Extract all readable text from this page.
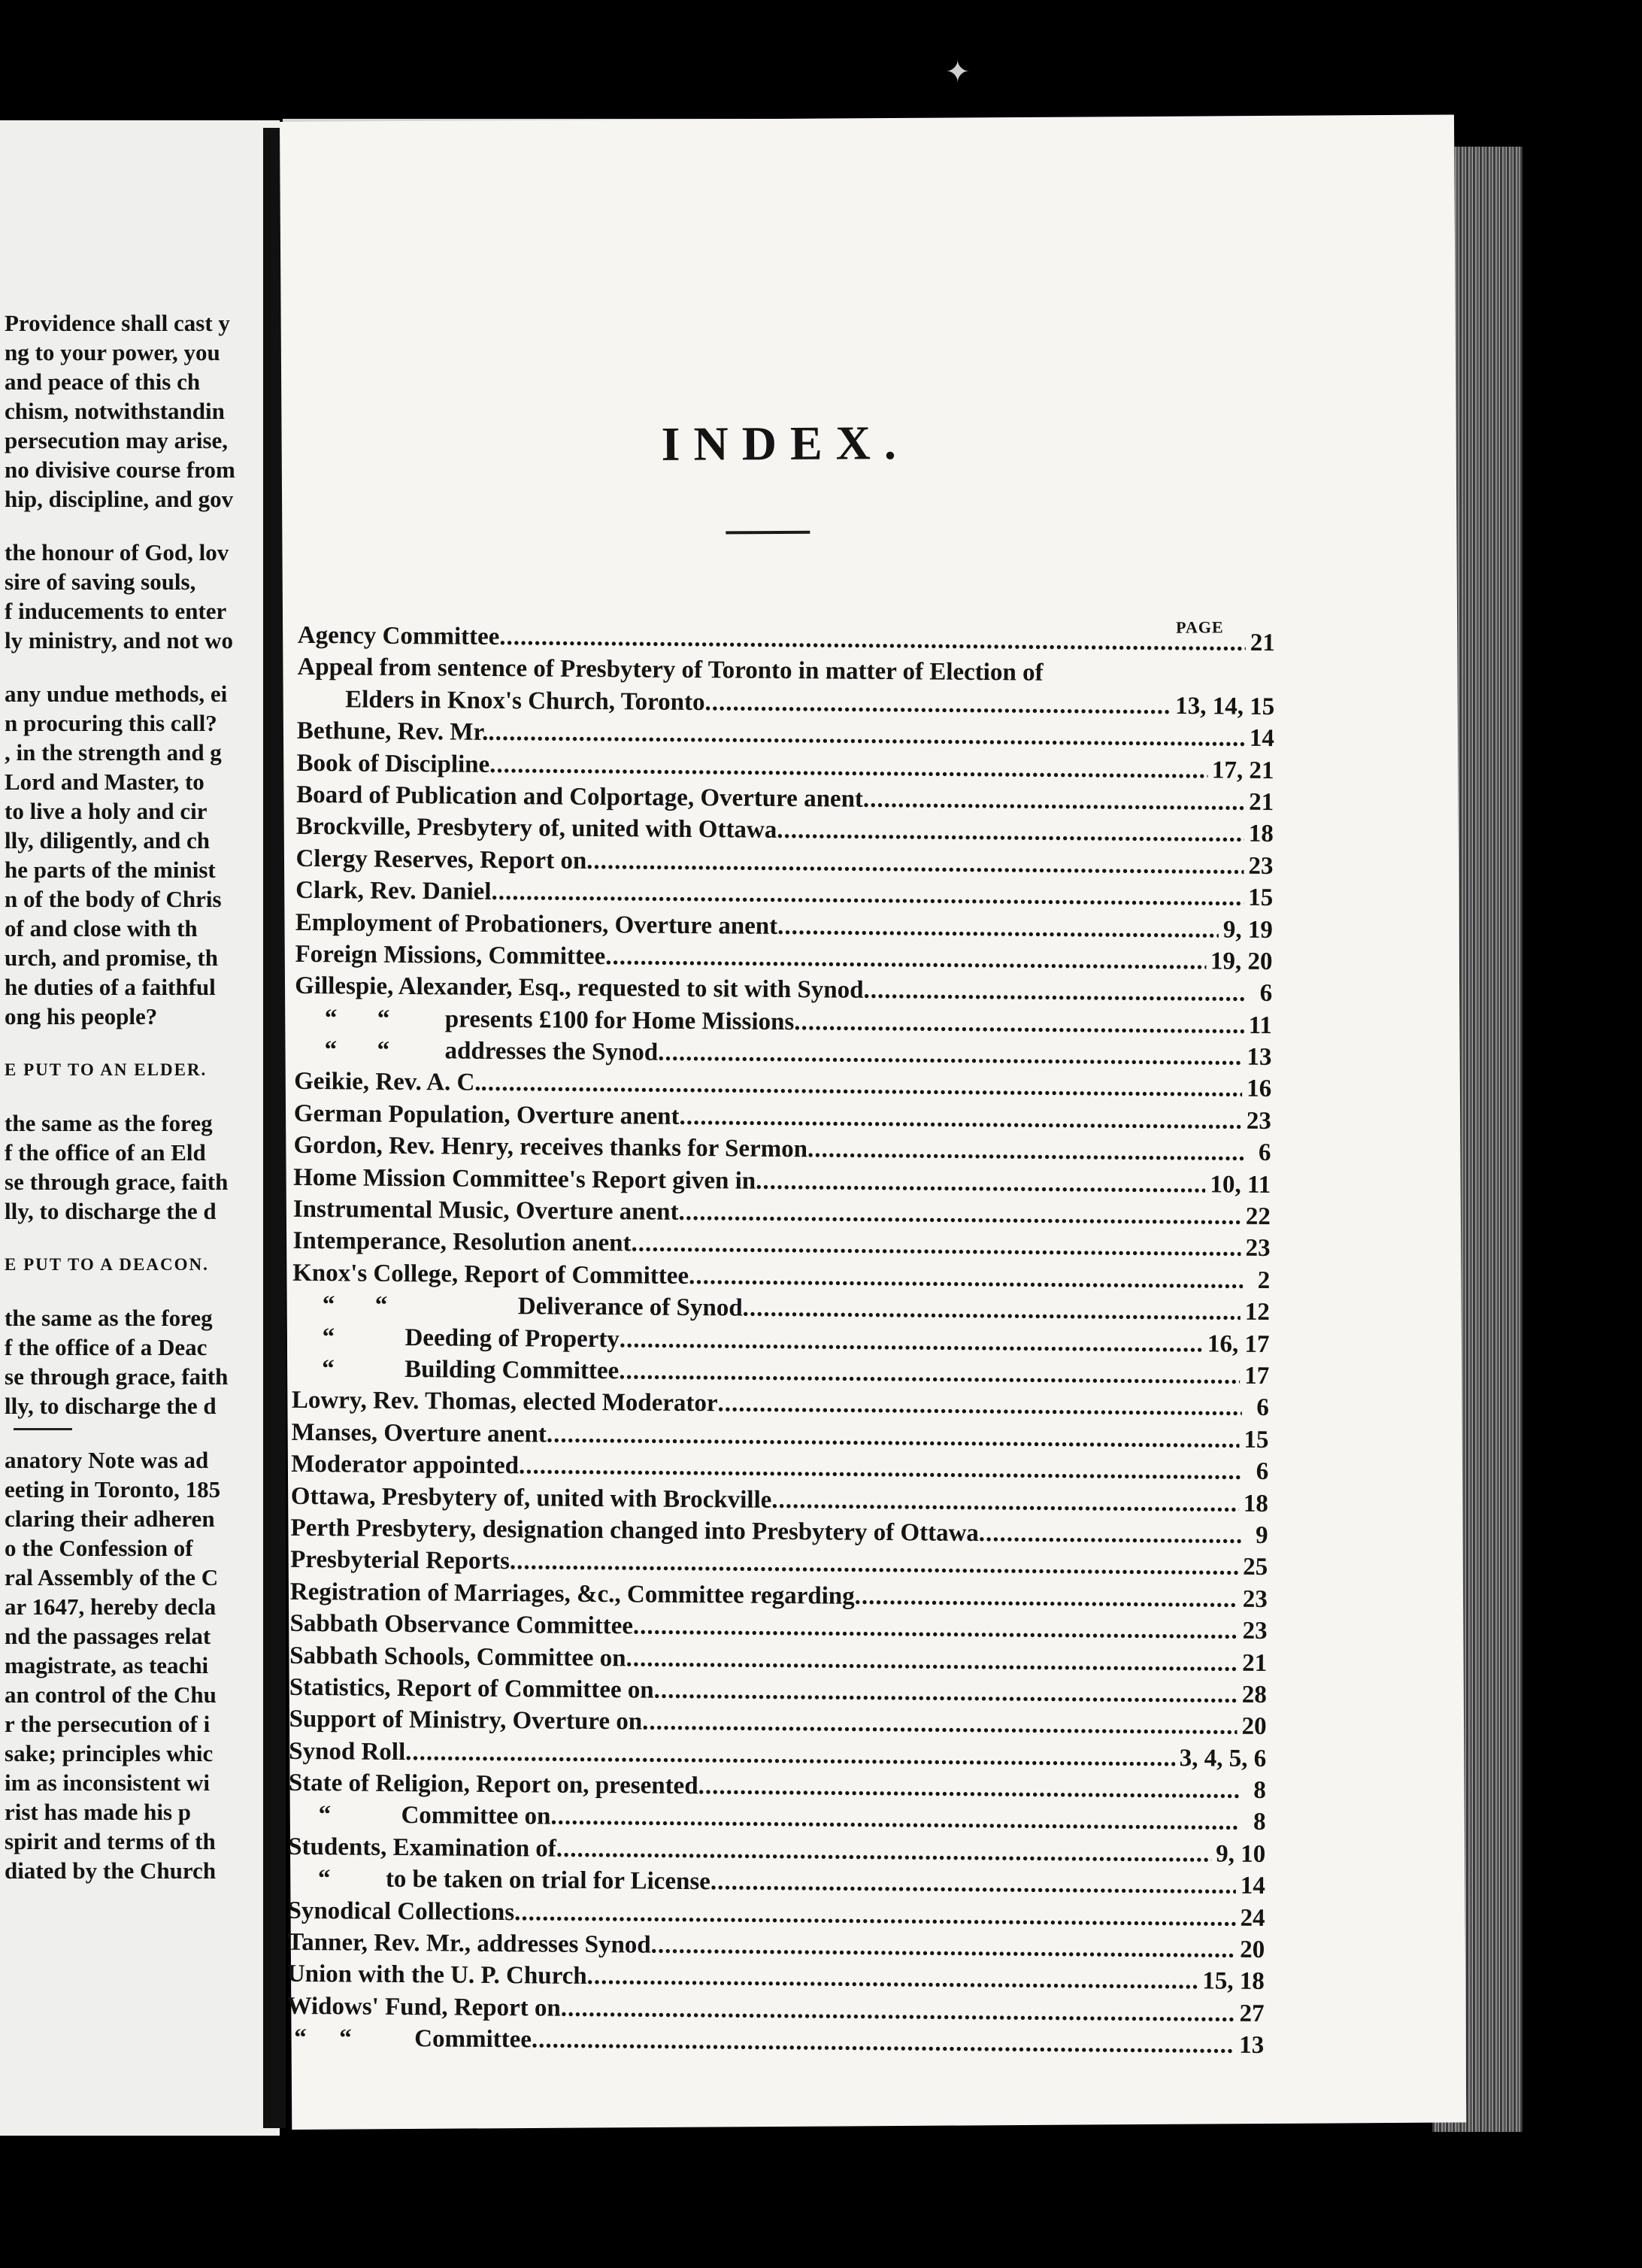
Providence shall cast y
ng to your power, you
and peace of this ch
chism, notwithstandin
persecution may arise,
no divisive course from
hip, discipline, and gov
the honour of God, lov
sire of saving souls,
f inducements to enter
ly ministry, and not wo
any undue methods, ei
n procuring this call?
, in the strength and g
Lord and Master, to
to live a holy and cir
lly, diligently, and ch
he parts of the minist
n of the body of Chris
of and close with th
urch, and promise, th
he duties of a faithful
ong his people?
E PUT TO AN ELDER.
the same as the foreg
f the office of an Eld
se through grace, faith
lly, to discharge the d
E PUT TO A DEACON.
the same as the foreg
f the office of a Deac
se through grace, faith
lly, to discharge the d
anatory Note was ad
eeting in Toronto, 185
claring their adheren
o the Confession of
ral Assembly of the C
ar 1647, hereby decla
nd the passages relat
magistrate, as teachi
an control of the Chu
r the persecution of i
sake; principles whic
im as inconsistent wi
rist has made his p
spirit and terms of th
diated by the Church
✦
INDEX.
PAGE
Agency Committee .....	21
Appeal from sentence of Presbytery of Toronto in matter of Election of
Elders in Knox's Church, Toronto .....	13, 14, 15
Bethune, Rev. Mr. .....	14
Book of Discipline .....	17, 21
Board of Publication and Colportage, Overture anent .....	21
Brockville, Presbytery of, united with Ottawa .....	18
Clergy Reserves, Report on .....	23
Clark, Rev. Daniel .....	15
Employment of Probationers, Overture anent .....	9, 19
Foreign Missions, Committee .....	19, 20
Gillespie, Alexander, Esq., requested to sit with Synod .....	6
“ “ presents £100 for Home Missions .....	11
“ “ addresses the Synod .....	13
Geikie, Rev. A. C. .....	16
German Population, Overture anent .....	23
Gordon, Rev. Henry, receives thanks for Sermon .....	6
Home Mission Committee's Report given in .....	10, 11
Instrumental Music, Overture anent .....	22
Intemperance, Resolution anent .....	23
Knox's College, Report of Committee .....	2
“ “	Deliverance of Synod .....	12
“	Deeding of Property .....	16, 17
“	Building Committee .....	17
Lowry, Rev. Thomas, elected Moderator .....	6
Manses, Overture anent .....	15
Moderator appointed .....	6
Ottawa, Presbytery of, united with Brockville .....	18
Perth Presbytery, designation changed into Presbytery of Ottawa .....	9
Presbyterial Reports .....	25
Registration of Marriages, &c., Committee regarding .....	23
Sabbath Observance Committee .....	23
Sabbath Schools, Committee on .....	21
Statistics, Report of Committee on .....	28
Support of Ministry, Overture on .....	20
Synod Roll .....	3, 4, 5, 6
State of Religion, Report on, presented .....	8
“	Committee on .....	8
Students, Examination of .....	9, 10
“ to be taken on trial for License .....	14
Synodical Collections .....	24
Tanner, Rev. Mr., addresses Synod .....	20
Union with the U. P. Church .....	15, 18
Widows' Fund, Report on .....	27
“ “	Committee .....	13
